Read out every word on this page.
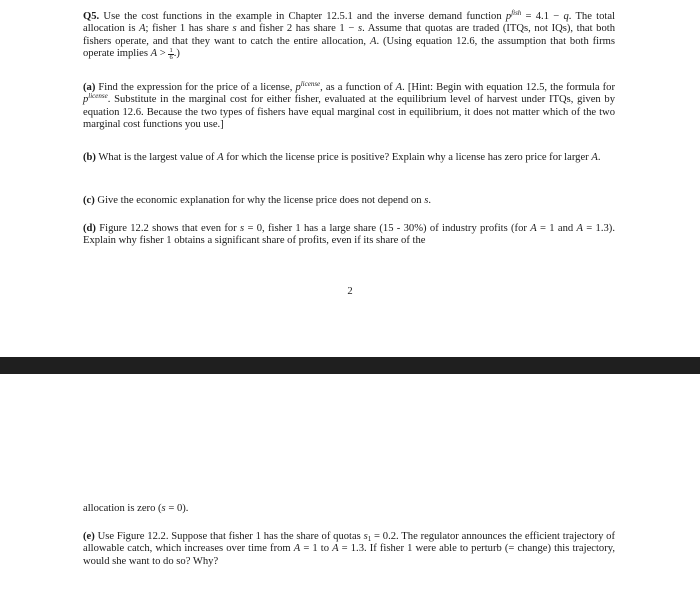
Q5. Use the cost functions in the example in Chapter 12.5.1 and the inverse demand function $p^{fish} = 4.1 - q$. The total allocation is A; fisher 1 has share s and fisher 2 has share 1 − s. Assume that quotas are traded (ITQs, not IQs), that both fishers operate, and that they want to catch the entire allocation, A. (Using equation 12.6, the assumption that both firms operate implies $A > \frac{1}{6}$ .)

(a) Find the expression for the price of a license, $p^{license}$, as a function of A. [Hint: Begin with equation 12.5, the formula for $p^{license}$. Substitute in the marginal cost for either fisher, evaluated at the equilibrium level of harvest under ITQs, given by equation 12.6. Because the two types of fishers have equal marginal cost in equilibrium, it does not matter which of the two marginal cost functions you use.]

(b) What is the largest value of A for which the license price is positive? Explain why a license has zero price for larger A.

(c) Give the economic explanation for why the license price does not depend on s.

(d) Figure 12.2 shows that even for s = 0, fisher 1 has a large share (15 - 30%) of industry profits (for A = 1 and A = 1.3). Explain why fisher 1 obtains a significant share of profits, even if its share of the

2

allocation is zero (s = 0).

(e) Use Figure 12.2. Suppose that fisher 1 has the share of quotas $s_1 = 0.2$. The regulator announces the efficient trajectory of allowable catch, which increases over time from A = 1 to A = 1.3. If fisher 1 were able to perturb (= change) this trajectory, would she want to do so? Why?
